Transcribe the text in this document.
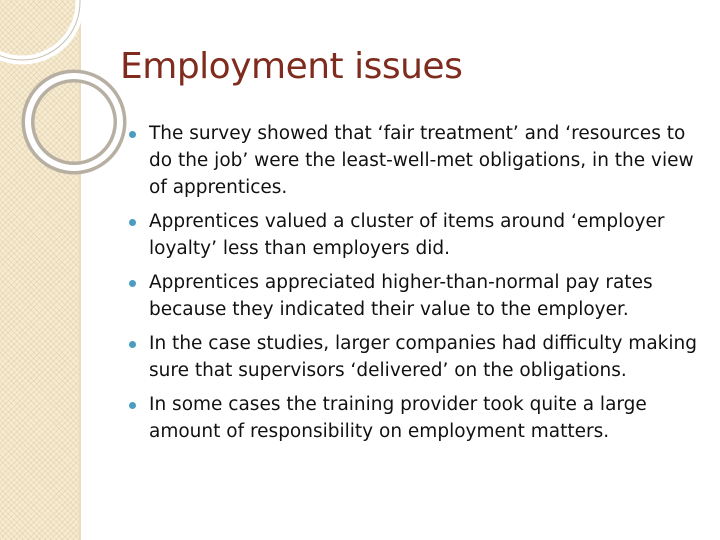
Employment issues
The survey showed that ‘fair treatment’ and ‘resources to do the job’ were the least-well-met obligations, in the view of apprentices.
Apprentices valued a cluster of items around ‘employer loyalty’ less than employers did.
Apprentices appreciated higher-than-normal pay rates because they indicated their value to the employer.
In the case studies, larger companies had difficulty making sure that supervisors ‘delivered’ on the obligations.
In some cases the training provider took quite a large amount of responsibility on employment matters.
